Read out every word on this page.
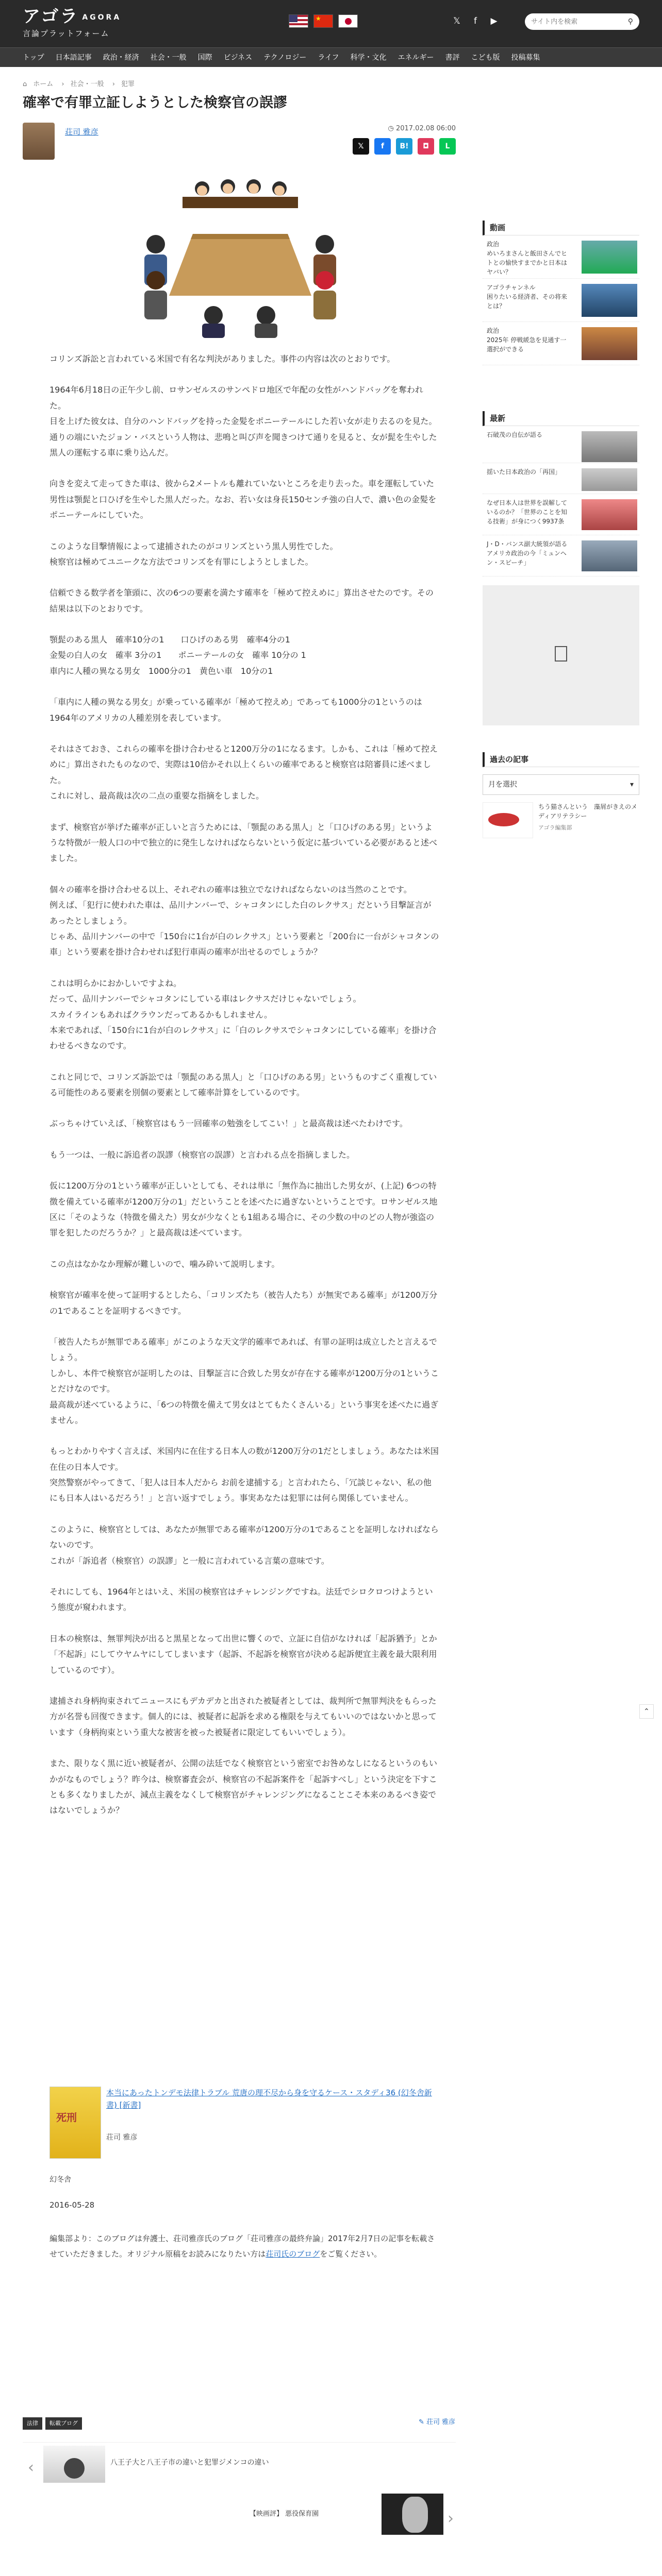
アゴラ AGORA
言論プラットフォーム
★	𝕏	f	▶
サイト内を検索	⚲
トップ 日本語記事 政治・経済 社会・一般 国際 ビジネス テクノロジー ライフ 科学・文化 エネルギー 書評 こども版 投稿募集
⌂ ホーム › 社会・一般 › 犯罪
確率で有罪立証しようとした検察官の誤謬
荘司 雅彦	◷ 2017.02.08 06:00
𝕏	f	B!	◘	L

コリンズ訴訟と言われている米国で有名な判決がありました。事件の内容は次のとおりです。

1964年6月18日の正午少し前、ロサンゼルスのサンペドロ地区で年配の女性がハンドバッグを奪われた。
目を上げた彼女は、自分のハンドバッグを持った金髪をポニーテールにした若い女が走り去るのを見た。通りの端にいたジョン・バスという人物は、悲鳴と叫び声を聞きつけて通りを見ると、女が髭を生やした黒人の運転する車に乗り込んだ。

向きを変えて走ってきた車は、彼から2メートルも離れていないところを走り去った。車を運転していた男性は顎髭と口ひげを生やした黒人だった。なお、若い女は身長150センチ強の白人で、濃い色の金髪をポニーテールにしていた。

このような目撃情報によって逮捕されたのがコリンズという黒人男性でした。
検察官は極めてユニークな方法でコリンズを有罪にしようとしました。

信頼できる数学者を筆頭に、次の6つの要素を満たす確率を「極めて控えめに」算出させたのです。その結果は以下のとおりです。

顎髭のある黒人　確率10分の1　　口ひげのある男　確率4分の1
金髪の白人の女　確率 3分の1　　ポニーテールの女　確率 10分の 1
車内に人種の異なる男女　1000分の1　黄色い車　10分の1

「車内に人種の異なる男女」が乗っている確率が「極めて控えめ」であっても1000分の1というのは1964年のアメリカの人種差別を表しています。

それはさておき、これらの確率を掛け合わせると1200万分の1になるます。しかも、これは「極めて控えめに」算出されたものなので、実際は10倍かそれ以上くらいの確率であると検察官は陪審員に述べました。
これに対し、最高裁は次の二点の重要な指摘をしました。

まず、検察官が挙げた確率が正しいと言うためには、「顎髭のある黒人」と「口ひげのある男」というような特徴が一般人口の中で独立的に発生しなければならないという仮定に基づいている必要があると述べました。

個々の確率を掛け合わせる以上、それぞれの確率は独立でなければならないのは当然のことです。
例えば、「犯行に使われた車は、品川ナンバーで、シャコタンにした白のレクサス」だという目撃証言があったとしましょう。
じゃあ、品川ナンバーの中で「150台に1台が白のレクサス」という要素と「200台に一台がシャコタンの車」という要素を掛け合わせれば犯行車両の確率が出せるのでしょうか？

これは明らかにおかしいですよね。
だって、品川ナンバーでシャコタンにしている車はレクサスだけじゃないでしょう。
スカイラインもあればクラウンだってあるかもしれません。
本来であれば、「150台に1台が白のレクサス」に「白のレクサスでシャコタンにしている確率」を掛け合わせるべきなのです。

これと同じで、コリンズ訴訟では「顎髭のある黒人」と「口ひげのある男」というものすごく重複している可能性のある要素を別個の要素として確率計算をしているのです。

ぶっちゃけていえば、「検察官はもう一回確率の勉強をしてこい！」と最高裁は述べたわけです。

もう一つは、一般に訴追者の誤謬（検察官の誤謬）と言われる点を指摘しました。

仮に1200万分の1という確率が正しいとしても、それは単に「無作為に抽出した男女が、(上記) 6つの特徴を備えている確率が1200万分の1」だということを述べたに過ぎないということです。ロサンゼルス地区に「そのような（特徴を備えた）男女が少なくとも1組ある場合に、その少数の中のどの人物が強盗の罪を犯したのだろうか？」と最高裁は述べています。

この点はなかなか理解が難しいので、噛み砕いて説明します。

検察官が確率を使って証明するとしたら、「コリンズたち（被告人たち）が無実である確率」が1200万分の1であることを証明するべきです。

「被告人たちが無罪である確率」がこのような天文学的確率であれば、有罪の証明は成立したと言えるでしょう。
しかし、本件で検察官が証明したのは、目撃証言に合致した男女が存在する確率が1200万分の1ということだけなのです。
最高裁が述べているように、「6つの特徴を備えて男女はとてもたくさんいる」という事実を述べたに過ぎません。

もっとわかりやすく言えば、米国内に在住する日本人の数が1200万分の1だとしましょう。あなたは米国在住の日本人です。
突然警察がやってきて、「犯人は日本人だから お前を逮捕する」と言われたら、「冗談じゃない、私の他にも日本人はいるだろう！」と言い返すでしょう。事実あなたは犯罪には何ら関係していません。

このように、検察官としては、あなたが無罪である確率が1200万分の1であることを証明しなければならないのです。
これが「訴追者（検察官）の誤謬」と一般に言われている言葉の意味です。

それにしても、1964年とはいえ、米国の検察官はチャレンジングですね。法廷でシロクロつけようという態度が窺われます。

日本の検察は、無罪判決が出ると黒星となって出世に響くので、立証に自信がなければ「起訴猶予」とか「不起訴」にしてウヤムヤにしてしまいます（起訴、不起訴を検察官が決める起訴便宜主義を最大限利用しているのです）。

逮捕され身柄拘束されてニュースにもデカデカと出された被疑者としては、裁判所で無罪判決をもらった方が名誉も回復できます。個人的には、被疑者に起訴を求める権限を与えてもいいのではないかと思っています（身柄拘束という重大な被害を被った被疑者に限定してもいいでしょう）。

また、限りなく黒に近い被疑者が、公開の法廷でなく検察官という密室でお咎めなしになるというのもいかがなものでしょう？昨今は、検察審査会が、検察官の不起訴案件を「起訴すべし」という決定を下すことも多くなりましたが、減点主義をなくして検察官がチャレンジングになることこそ本来のあるべき姿ではないでしょうか？

死刑
本当にあったトンデモ法律トラブル 荒唐の理不尽から身を守るケース・スタディ36 (幻冬舎新書) [新書]
荘司 雅彦
幻冬舎
2016-05-28
編集部より：このブログは弁護士、荘司雅彦氏のブログ「荘司雅彦の最終弁論」2017年2月7日の記事を転載させていただきました。オリジナル原稿をお読みになりたい方は荘司氏のブログをご覧ください。
法律	転載ブログ	✎ 荘司 雅彦
‹	八王子大と八王子市の違いと犯罪ジメンコの違い
【映画評】 悪役保育園	›
動画
政治
めいろまさんと飯田さんでヒトとの愉快すまでかと日本はヤバい？
アゴラチャンネル
困りたいる経済者、その将来とは？
政治
2025年 停戦緩急を見通す一選択ができる
最新
石破茂の自伝が語る
揺いた日本政治の「再国」
なぜ日本人は世界を誤解しているのか？「世界のことを知る技術」が身につく9937条
J・D・バンス副大統領が語るアメリカ政治の今「ミュンヘン・スピーチ」
過去の記事
月を選択 ▾
ちう猫さんという　藻屑がきえのメディアリテラシー
アゴラ編集部
⌃
